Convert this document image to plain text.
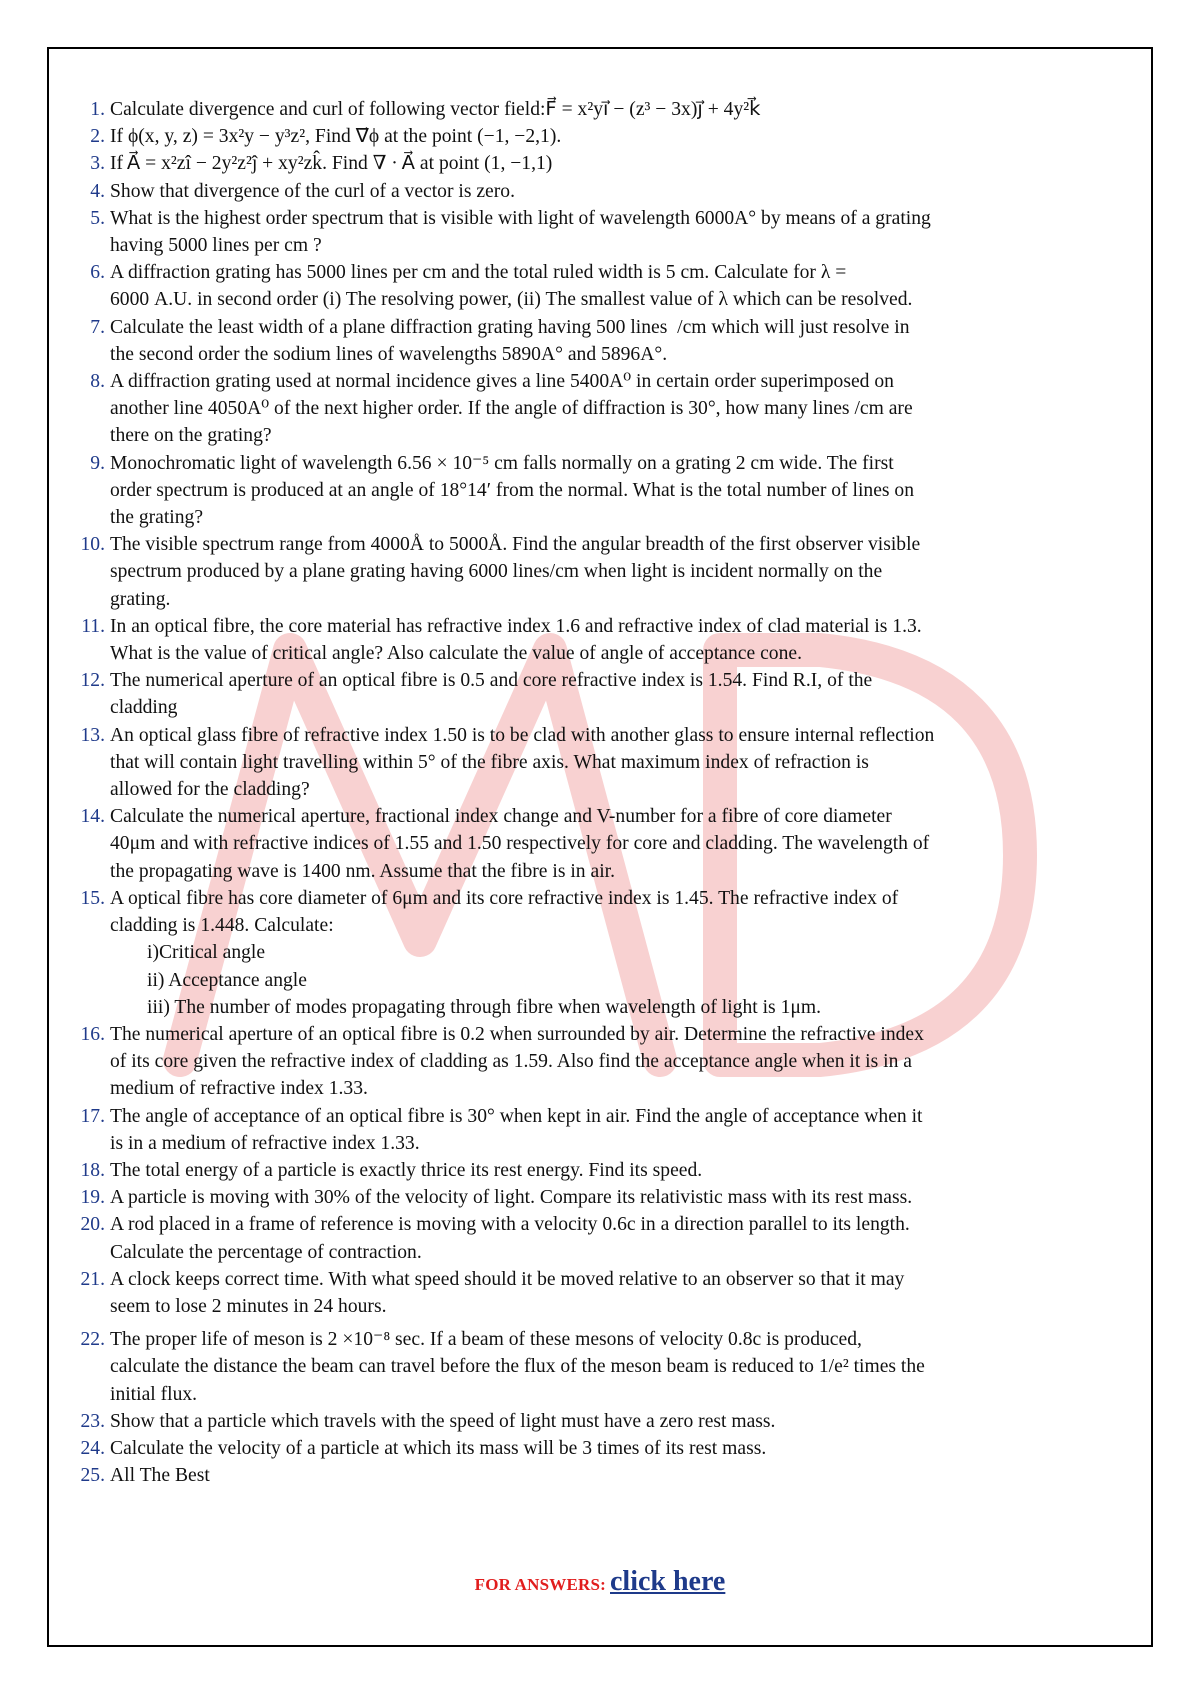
1. Calculate divergence and curl of following vector field:F⃗ = x²yı⃗ − (z³ − 3x)ȷ⃗ + 4y²k⃗
2. If ϕ(x, y, z) = 3x²y − y³z², Find ∇⃗ϕ at the point (−1, −2,1).
3. If A⃗ = x²zî − 2y²z²ĵ + xy²zk̂. Find ∇ · A⃗ at point (1, −1,1)
4. Show that divergence of the curl of a vector is zero.
5. What is the highest order spectrum that is visible with light of wavelength 6000A° by means of a grating
having 5000 lines per cm ?
6. A diffraction grating has 5000 lines per cm and the total ruled width is 5 cm. Calculate for λ =
6000 A.U. in second order (i) The resolving power, (ii) The smallest value of λ which can be resolved.
7. Calculate the least width of a plane diffraction grating having 500 lines  /cm which will just resolve in
the second order the sodium lines of wavelengths 5890A° and 5896A°.
8. A diffraction grating used at normal incidence gives a line 5400A⁰ in certain order superimposed on
another line 4050A⁰ of the next higher order. If the angle of diffraction is 30°, how many lines /cm are
there on the grating?
9. Monochromatic light of wavelength 6.56 × 10⁻⁵ cm falls normally on a grating 2 cm wide. The first
order spectrum is produced at an angle of 18°14′ from the normal. What is the total number of lines on
the grating?
10. The visible spectrum range from 4000Å to 5000Å. Find the angular breadth of the first observer visible
spectrum produced by a plane grating having 6000 lines/cm when light is incident normally on the
grating.
11. In an optical fibre, the core material has refractive index 1.6 and refractive index of clad material is 1.3.
What is the value of critical angle? Also calculate the value of angle of acceptance cone.
12. The numerical aperture of an optical fibre is 0.5 and core refractive index is 1.54. Find R.I, of the
cladding
13. An optical glass fibre of refractive index 1.50 is to be clad with another glass to ensure internal reflection
that will contain light travelling within 5° of the fibre axis. What maximum index of refraction is
allowed for the cladding?
14. Calculate the numerical aperture, fractional index change and V-number for a fibre of core diameter
40μm and with refractive indices of 1.55 and 1.50 respectively for core and cladding. The wavelength of
the propagating wave is 1400 nm. Assume that the fibre is in air.
15. A optical fibre has core diameter of 6μm and its core refractive index is 1.45. The refractive index of
cladding is 1.448. Calculate:
i)Critical angle
ii) Acceptance angle
iii) The number of modes propagating through fibre when wavelength of light is 1μm.
16. The numerical aperture of an optical fibre is 0.2 when surrounded by air. Determine the refractive index
of its core given the refractive index of cladding as 1.59. Also find the acceptance angle when it is in a
medium of refractive index 1.33.
17. The angle of acceptance of an optical fibre is 30° when kept in air. Find the angle of acceptance when it
is in a medium of refractive index 1.33.
18. The total energy of a particle is exactly thrice its rest energy. Find its speed.
19. A particle is moving with 30% of the velocity of light. Compare its relativistic mass with its rest mass.
20. A rod placed in a frame of reference is moving with a velocity 0.6c in a direction parallel to its length.
Calculate the percentage of contraction.
21. A clock keeps correct time. With what speed should it be moved relative to an observer so that it may
seem to lose 2 minutes in 24 hours.
22. The proper life of meson is 2 ×10⁻⁸ sec. If a beam of these mesons of velocity 0.8c is produced,
calculate the distance the beam can travel before the flux of the meson beam is reduced to 1/e² times the
initial flux.
23. Show that a particle which travels with the speed of light must have a zero rest mass.
24. Calculate the velocity of a particle at which its mass will be 3 times of its rest mass.
25. All The Best
FOR ANSWERS: click here
